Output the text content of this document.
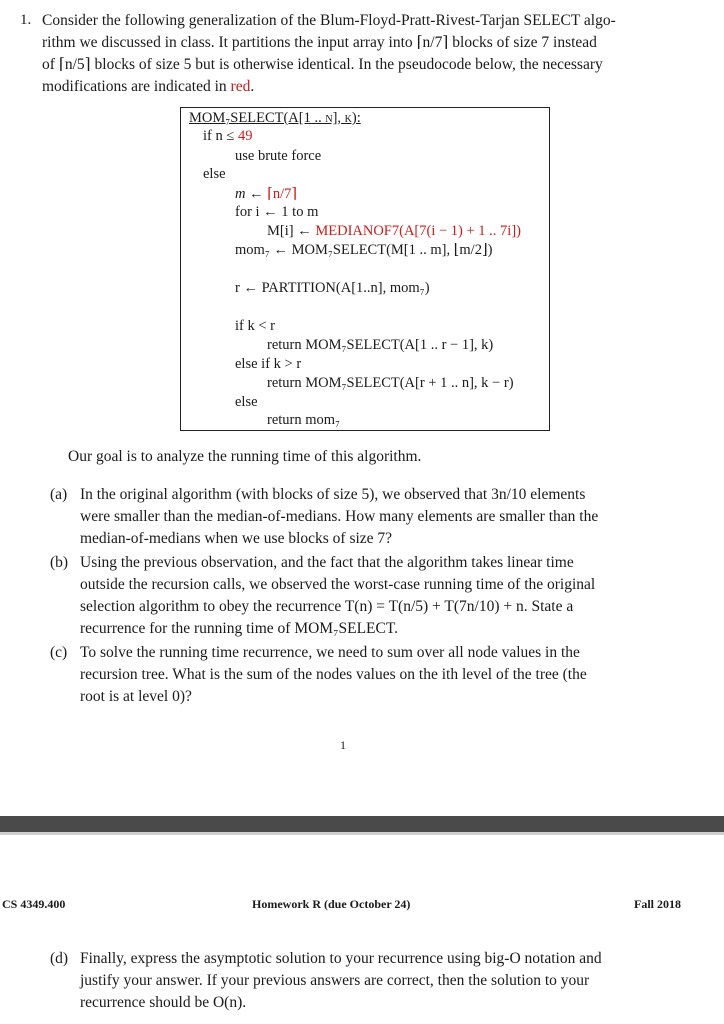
1. Consider the following generalization of the Blum-Floyd-Pratt-Rivest-Tarjan SELECT algo-
rithm we discussed in class. It partitions the input array into ⌈n/7⌉ blocks of size 7 instead
of ⌈n/5⌉ blocks of size 5 but is otherwise identical. In the pseudocode below, the necessary
modifications are indicated in red.
MOM₇SELECT(A[1 .. n], k):
if n ≤ 49
use brute force
else
m ← ⌈n/7⌉
for i ← 1 to m
M[i] ← MEDIANOF7(A[7(i − 1) + 1 .. 7i])
mom₇ ← MOM₇SELECT(M[1 .. m], ⌊m/2⌋)
r ← PARTITION(A[1..n], mom₇)
if k < r
return MOM₇SELECT(A[1 .. r − 1], k)
else if k > r
return MOM₇SELECT(A[r + 1 .. n], k − r)
else
return mom₇
Our goal is to analyze the running time of this algorithm.
(a) In the original algorithm (with blocks of size 5), we observed that 3n/10 elements
were smaller than the median-of-medians. How many elements are smaller than the
median-of-medians when we use blocks of size 7?
(b) Using the previous observation, and the fact that the algorithm takes linear time
outside the recursion calls, we observed the worst-case running time of the original
selection algorithm to obey the recurrence T(n) = T(n/5) + T(7n/10) + n. State a
recurrence for the running time of MOM₇SELECT.
(c) To solve the running time recurrence, we need to sum over all node values in the
recursion tree. What is the sum of the nodes values on the ith level of the tree (the
root is at level 0)?
1
CS 4349.400	Homework R (due October 24)	Fall 2018
(d) Finally, express the asymptotic solution to your recurrence using big-O notation and
justify your answer. If your previous answers are correct, then the solution to your
recurrence should be O(n).
